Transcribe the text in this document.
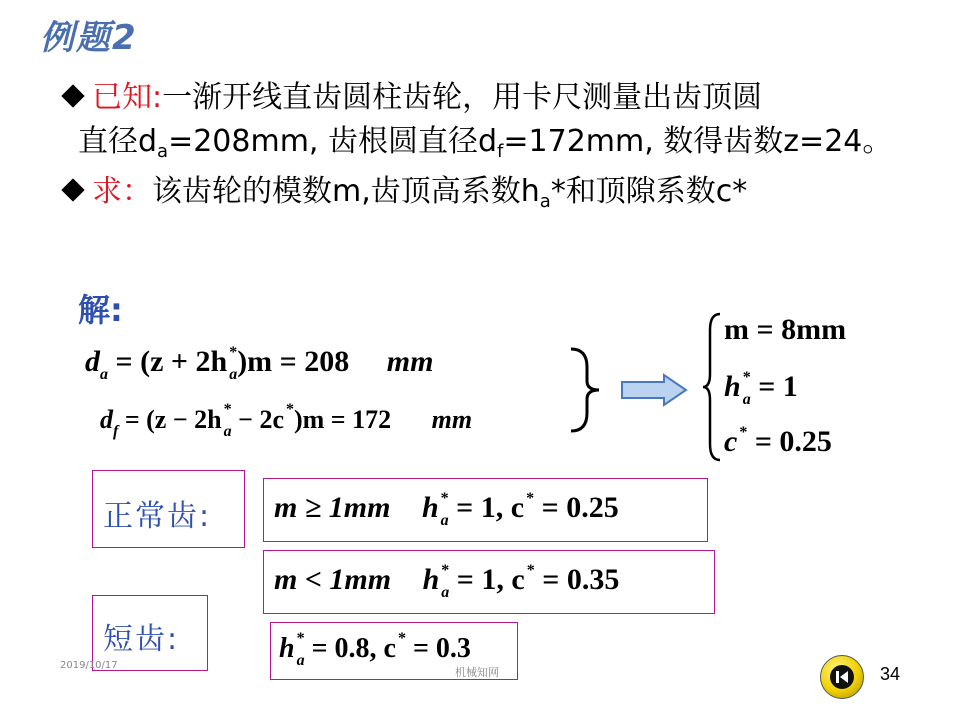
例题2
已知:一渐开线直齿圆柱齿轮，用卡尺测量出齿顶圆
直径$d_a=208mm$, 齿根圆直径$d_f=172mm$, 数得齿数z=24。
求：该齿轮的模数m,齿顶高系数$h_a*$和顶隙系数c*
解:
$d_a = (z + 2h$ *$_a$)m = 208 mm
$d_f = (z - 2h$ *$_a$ − 2c *)m = 172 mm
m = 8mm
h *$_a$ = 1
c * = 0.25
正常齿: m ≥ 1mm h *$_a$ = 1, c * = 0.25
m < 1mm h *$_a$ = 1, c * = 0.35
短齿:	h *$_a$ = 0.8, c * = 0.3
2019/10/17
机械知网	34
